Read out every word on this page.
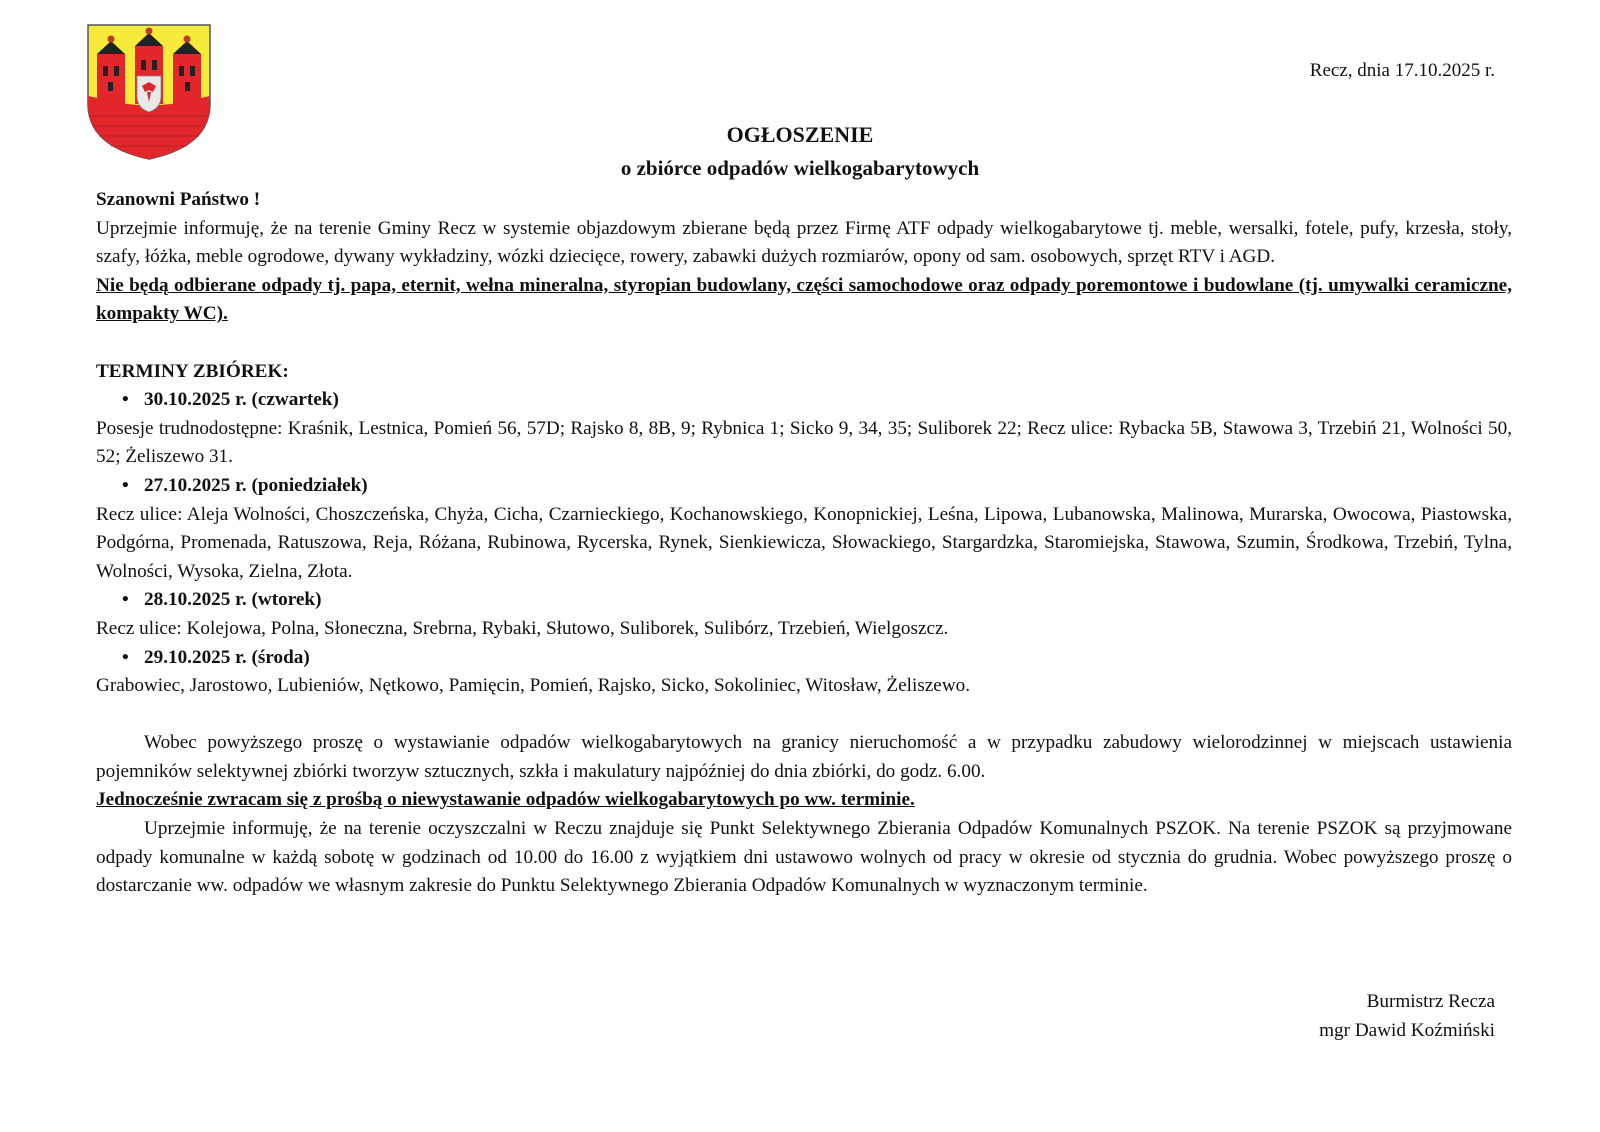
Recz, dnia 17.10.2025 r.
OGŁOSZENIE
o zbiórce odpadów wielkogabarytowych

Szanowni Państwo !

Uprzejmie informuję, że na terenie Gminy Recz w systemie objazdowym zbierane będą przez Firmę ATF odpady wielkogabarytowe tj. meble, wersalki, fotele, pufy, krzesła, stoły, szafy, łóżka, meble ogrodowe, dywany wykładziny, wózki dziecięce, rowery, zabawki dużych rozmiarów, opony od sam. osobowych, sprzęt RTV i AGD.

Nie będą odbierane odpady tj. papa, eternit, wełna mineralna, styropian budowlany, części samochodowe oraz odpady poremontowe i budowlane (tj. umywalki ceramiczne, kompakty WC).

TERMINY ZBIÓREK:

• 30.10.2025 r. (czwartek)

Posesje trudnodostępne: Kraśnik, Lestnica, Pomień 56, 57D; Rajsko 8, 8B, 9; Rybnica 1; Sicko 9, 34, 35; Suliborek 22; Recz ulice: Rybacka 5B, Stawowa 3, Trzebiń 21, Wolności 50, 52; Żeliszewo 31.

• 27.10.2025 r. (poniedziałek)

Recz ulice: Aleja Wolności, Choszczeńska, Chyża, Cicha, Czarnieckiego, Kochanowskiego, Konopnickiej, Leśna, Lipowa, Lubanowska, Malinowa, Murarska, Owocowa, Piastowska, Podgórna, Promenada, Ratuszowa, Reja, Różana, Rubinowa, Rycerska, Rynek, Sienkiewicza, Słowackiego, Stargardzka, Staromiejska, Stawowa, Szumin, Środkowa, Trzebiń, Tylna, Wolności, Wysoka, Zielna, Złota.

• 28.10.2025 r. (wtorek)

Recz ulice: Kolejowa, Polna, Słoneczna, Srebrna, Rybaki, Słutowo, Suliborek, Sulibórz, Trzebień, Wielgoszcz.

• 29.10.2025 r. (środa)

Grabowiec, Jarostowo, Lubieniów, Nętkowo, Pamięcin, Pomień, Rajsko, Sicko, Sokoliniec, Witosław, Żeliszewo.

Wobec powyższego proszę o wystawianie odpadów wielkogabarytowych na granicy nieruchomość a w przypadku zabudowy wielorodzinnej w miejscach ustawienia pojemników selektywnej zbiórki tworzyw sztucznych, szkła i makulatury najpóźniej do dnia zbiórki, do godz. 6.00.

Jednocześnie zwracam się z prośbą o niewystawanie odpadów wielkogabarytowych po ww. terminie.

Uprzejmie informuję, że na terenie oczyszczalni w Reczu znajduje się Punkt Selektywnego Zbierania Odpadów Komunalnych PSZOK. Na terenie PSZOK są przyjmowane odpady komunalne w każdą sobotę w godzinach od 10.00 do 16.00 z wyjątkiem dni ustawowo wolnych od pracy w okresie od stycznia do grudnia. Wobec powyższego proszę o dostarczanie ww. odpadów we własnym zakresie do Punktu Selektywnego Zbierania Odpadów Komunalnych w wyznaczonym terminie.

Burmistrz Recza
mgr Dawid Koźmiński
